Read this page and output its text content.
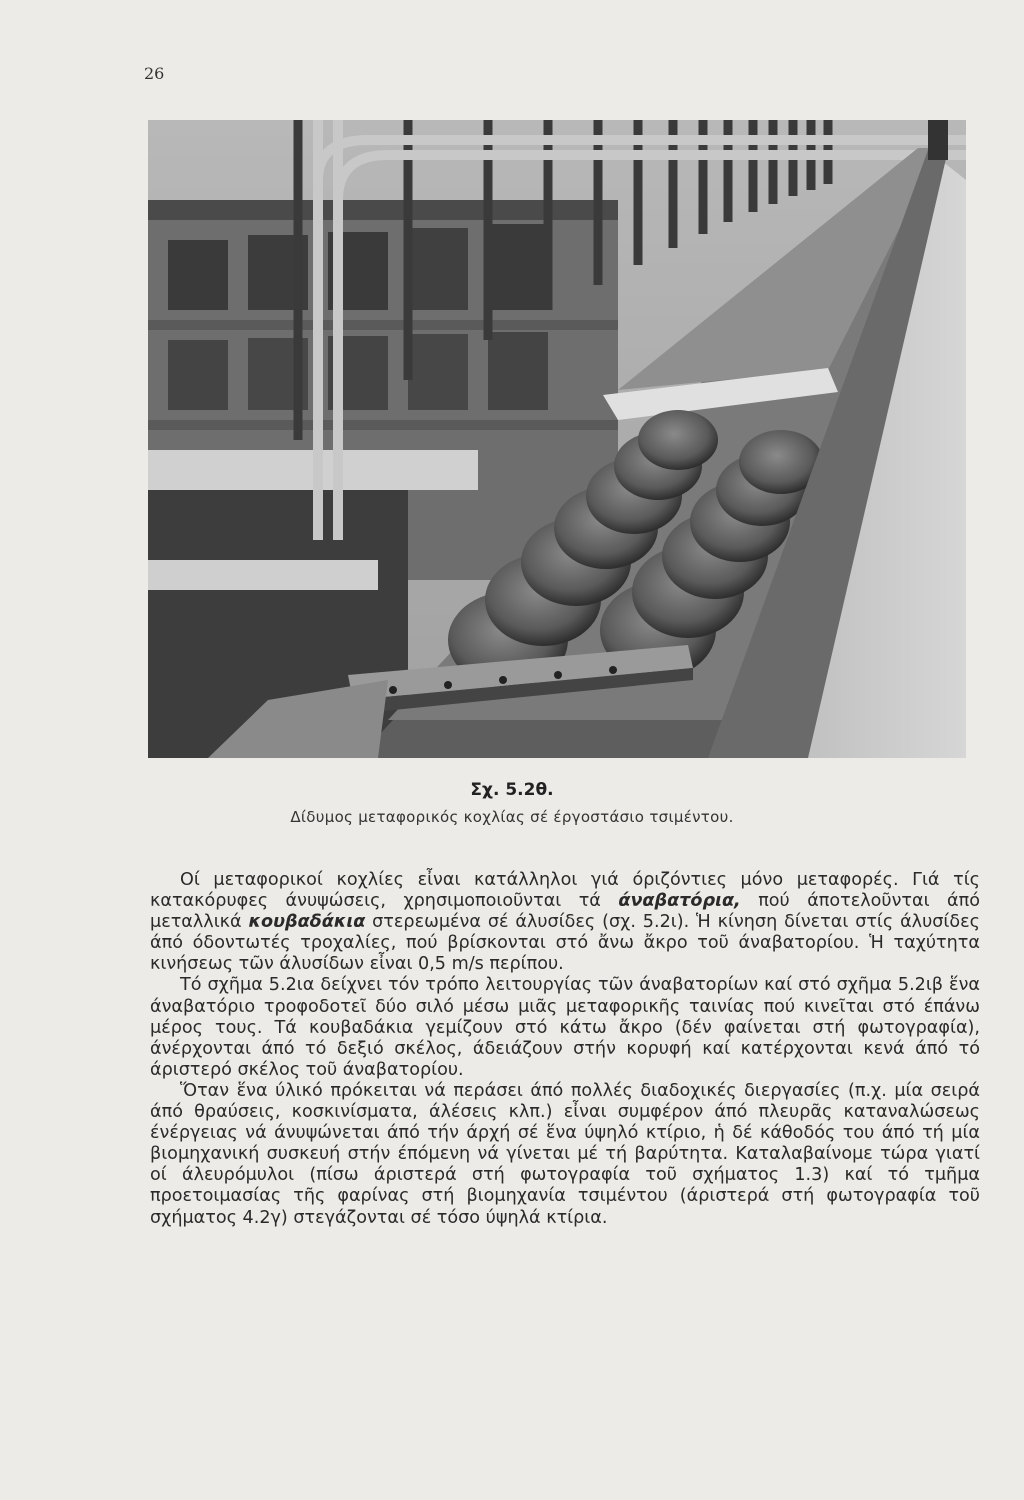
26
Σχ. 5.2θ.
Δίδυμος μεταφορικός κοχλίας σέ έργοστάσιο τσιμέντου.

Οί μεταφορικοί κοχλίες εἶναι κατάλληλοι γιά όριζόντιες μόνο μεταφορές. Γιά τίς κατακόρυφες άνυψώσεις, χρησιμοποιοῦνται τά άναβατόρια, πού άποτελοῦνται άπό μεταλλικά κουβαδάκια στερεωμένα σέ άλυσίδες (σχ. 5.2ι). Ἡ κίνηση δίνεται στίς άλυσίδες άπό όδοντωτές τροχαλίες, πού βρίσκονται στό ἄνω ἄκρο τοῦ άναβατορίου. Ἡ ταχύτητα κινήσεως τῶν άλυσίδων εἶναι 0,5 m/s περίπου.

Τό σχῆμα 5.2ια δείχνει τόν τρόπο λειτουργίας τῶν άναβατορίων καί στό σχῆμα 5.2ιβ ἕνα άναβατόριο τροφοδοτεῖ δύο σιλό μέσω μιᾶς μεταφορικῆς ταινίας πού κινεῖται στό έπάνω μέρος τους. Τά κουβαδάκια γεμίζουν στό κάτω ἄκρο (δέν φαίνεται στή φωτογραφία), άνέρχονται άπό τό δεξιό σκέλος, άδειάζουν στήν κορυφή καί κατέρχονται κενά άπό τό άριστερό σκέλος τοῦ άναβατορίου.

Ὅταν ἕνα ύλικό πρόκειται νά περάσει άπό πολλές διαδοχικές διεργασίες (π.χ. μία σειρά άπό θραύσεις, κοσκινίσματα, άλέσεις κλπ.) εἶναι συμφέρον άπό πλευρᾶς καταναλώσεως ένέργειας νά άνυψώνεται άπό τήν άρχή σέ ἕνα ύψηλό κτίριο, ἡ δέ κάθοδός του άπό τή μία βιομηχανική συσκευή στήν έπόμενη νά γίνεται μέ τή βαρύτητα. Καταλαβαίνομε τώρα γιατί οί άλευρόμυλοι (πίσω άριστερά στή φωτογραφία τοῦ σχήματος 1.3) καί τό τμῆμα προετοιμασίας τῆς φαρίνας στή βιομηχανία τσιμέντου (άριστερά στή φωτογραφία τοῦ σχήματος 4.2γ) στεγάζονται σέ τόσο ύψηλά κτίρια.
